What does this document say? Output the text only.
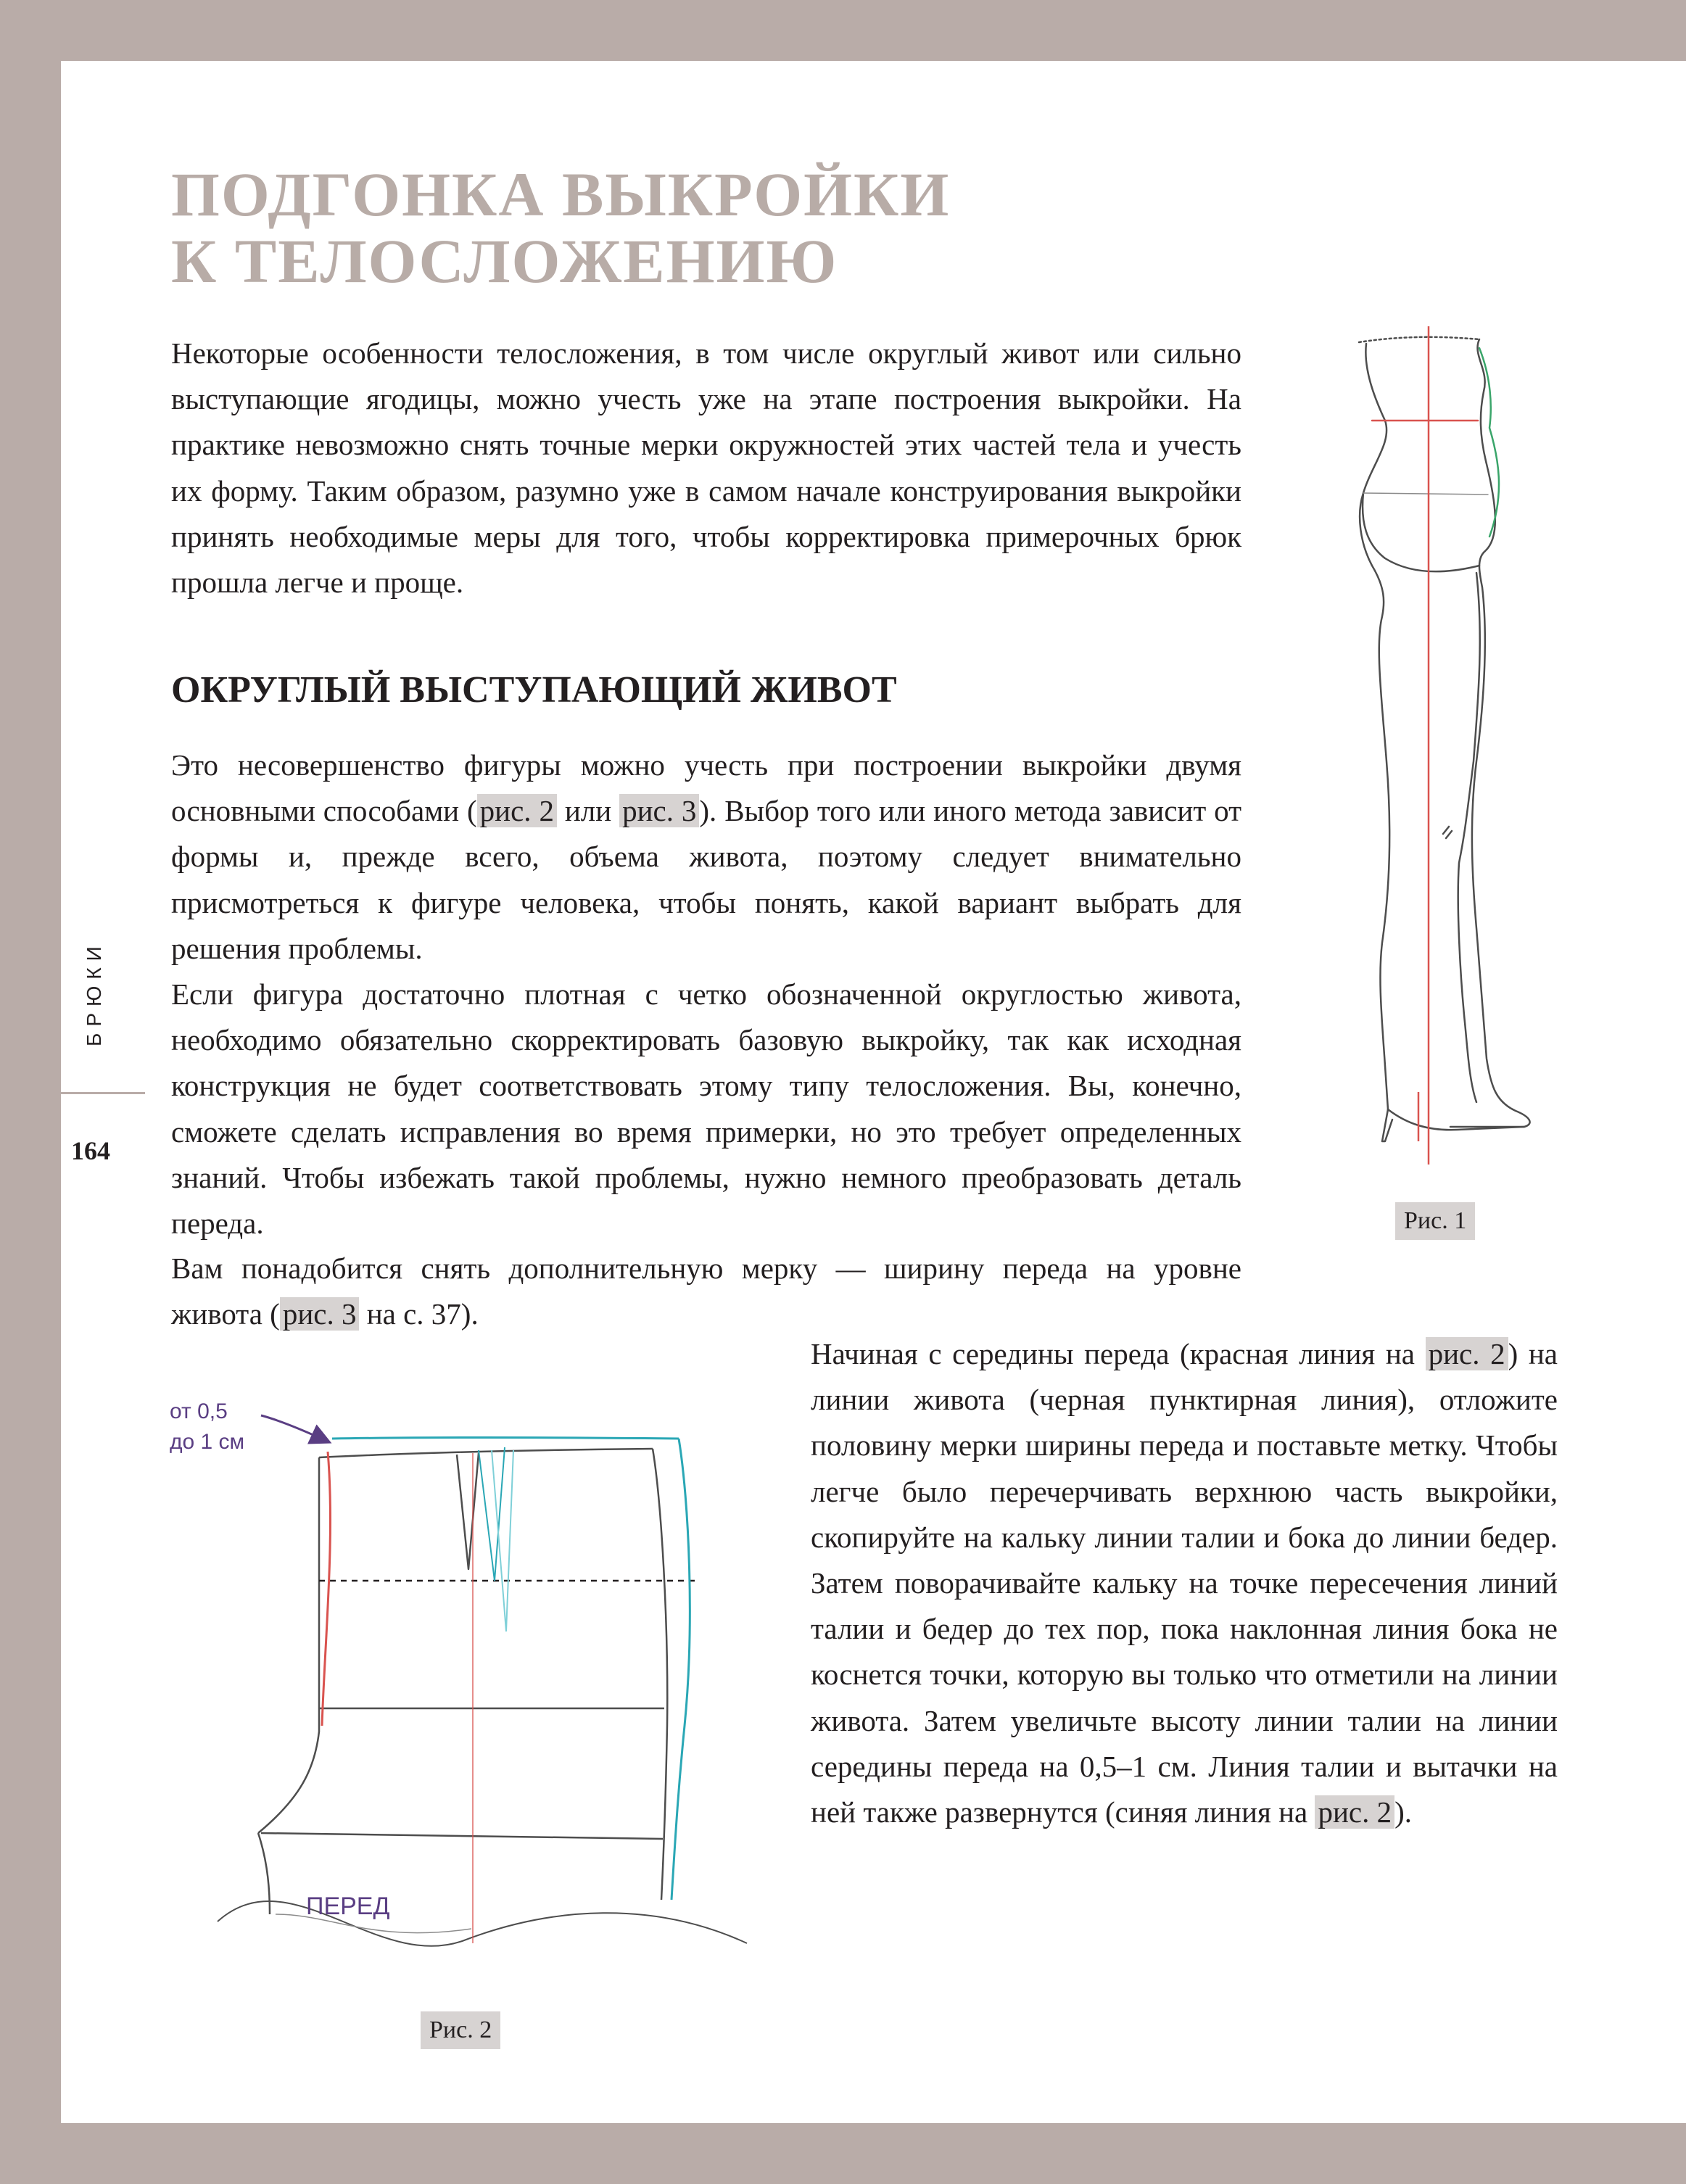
ПОДГОНКА ВЫКРОЙКИ
К ТЕЛОСЛОЖЕНИЮ

Некоторые особенности телосложения, в том числе округлый живот или сильно выступающие ягодицы, можно учесть уже на этапе построения выкройки. На практике невозможно снять точные мерки окружностей этих частей тела и учесть их форму. Таким образом, разумно уже в самом начале конструирования выкройки принять необходимые меры для того, чтобы корректировка примерочных брюк прошла легче и проще.

ОКРУГЛЫЙ ВЫСТУПАЮЩИЙ ЖИВОТ

Это несовершенство фигуры можно учесть при построении выкройки двумя основными способами (рис. 2 или рис. 3). Выбор того или иного метода зависит от формы и, прежде всего, объема живота, поэтому следует внимательно присмотреться к фигуре человека, чтобы понять, какой вариант выбрать для решения проблемы.

Если фигура достаточно плотная с четко обозначенной округлостью живота, необходимо обязательно скорректировать базовую выкройку, так как исходная конструкция не будет соответствовать этому типу телосложения. Вы, конечно, сможете сделать исправления во время примерки, но это требует определенных знаний. Чтобы избежать такой проблемы, нужно немного преобразовать деталь переда.

Вам понадобится снять дополнительную мерку — ширину переда на уровне живота (рис. 3 на с. 37).

Начиная с середины переда (красная линия на рис. 2) на линии живота (черная пунктирная линия), отложите половину мерки ширины переда и поставьте метку. Чтобы легче было перечерчивать верхнюю часть выкройки, скопируйте на кальку линии талии и бока до линии бедер. Затем поворачивайте кальку на точке пересечения линий талии и бедер до тех пор, пока наклонная линия бока не коснется точки, которую вы только что отметили на линии живота. Затем увеличьте высоту линии талии на линии середины переда на 0,5–1 см. Линия талии и вытачки на ней также развернутся (синяя линия на рис. 2).

БРЮКИ
164
Рис. 1
от 0,5
до 1 см
ПЕРЕД
Рис. 2
